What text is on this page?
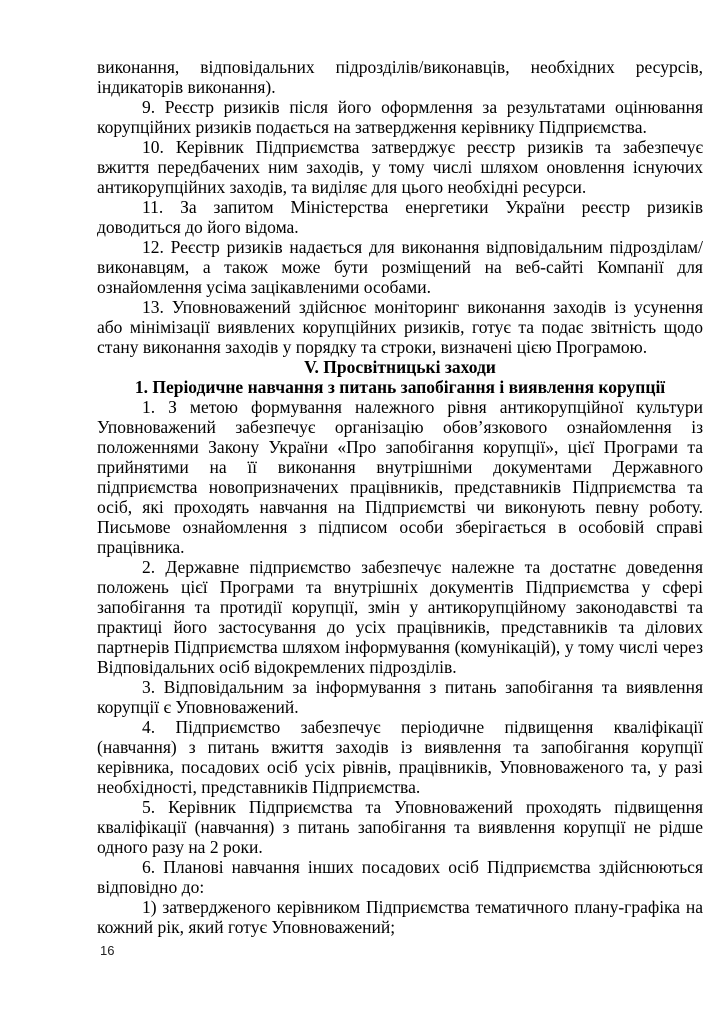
виконання, відповідальних підрозділів/виконавців, необхідних ресурсів, індикаторів виконання).

9. Реєстр ризиків після його оформлення за результатами оцінювання корупційних ризиків подається на затвердження керівнику Підприємства.

10. Керівник Підприємства затверджує реєстр ризиків та забезпечує вжиття передбачених ним заходів, у тому числі шляхом оновлення існуючих антикорупційних заходів, та виділяє для цього необхідні ресурси.

11. За запитом Міністерства енергетики України реєстр ризиків доводиться до його відома.

12. Реєстр ризиків надається для виконання відповідальним підрозділам/виконавцям, а також може бути розміщений на веб-сайті Компанії для ознайомлення усіма зацікавленими особами.

13. Уповноважений здійснює моніторинг виконання заходів із усунення або мінімізації виявлених корупційних ризиків, готує та подає звітність щодо стану виконання заходів у порядку та строки, визначені цією Програмою.

V. Просвітницькі заходи

1. Періодичне навчання з питань запобігання і виявлення корупції

1. З метою формування належного рівня антикорупційної культури Уповноважений забезпечує організацію обов’язкового ознайомлення із положеннями Закону України «Про запобігання корупції», цієї Програми та прийнятими на її виконання внутрішніми документами Державного підприємства новопризначених працівників, представників Підприємства та осіб, які проходять навчання на Підприємстві чи виконують певну роботу. Письмове ознайомлення з підписом особи зберігається в особовій справі працівника.

2. Державне підприємство забезпечує належне та достатнє доведення положень цієї Програми та внутрішніх документів Підприємства у сфері запобігання та протидії корупції, змін у антикорупційному законодавстві та практиці його застосування до усіх працівників, представників та ділових партнерів Підприємства шляхом інформування (комунікацій), у тому числі через Відповідальних осіб відокремлених підрозділів.

3. Відповідальним за інформування з питань запобігання та виявлення корупції є Уповноважений.

4. Підприємство забезпечує періодичне підвищення кваліфікації (навчання) з питань вжиття заходів із виявлення та запобігання корупції керівника, посадових осіб усіх рівнів, працівників, Уповноваженого та, у разі необхідності, представників Підприємства.

5. Керівник Підприємства та Уповноважений проходять підвищення кваліфікації (навчання) з питань запобігання та виявлення корупції не рідше одного разу на 2 роки.

6. Планові навчання інших посадових осіб Підприємства здійснюються відповідно до:

1) затвердженого керівником Підприємства тематичного плану-графіка на кожний рік, який готує Уповноважений;

16
